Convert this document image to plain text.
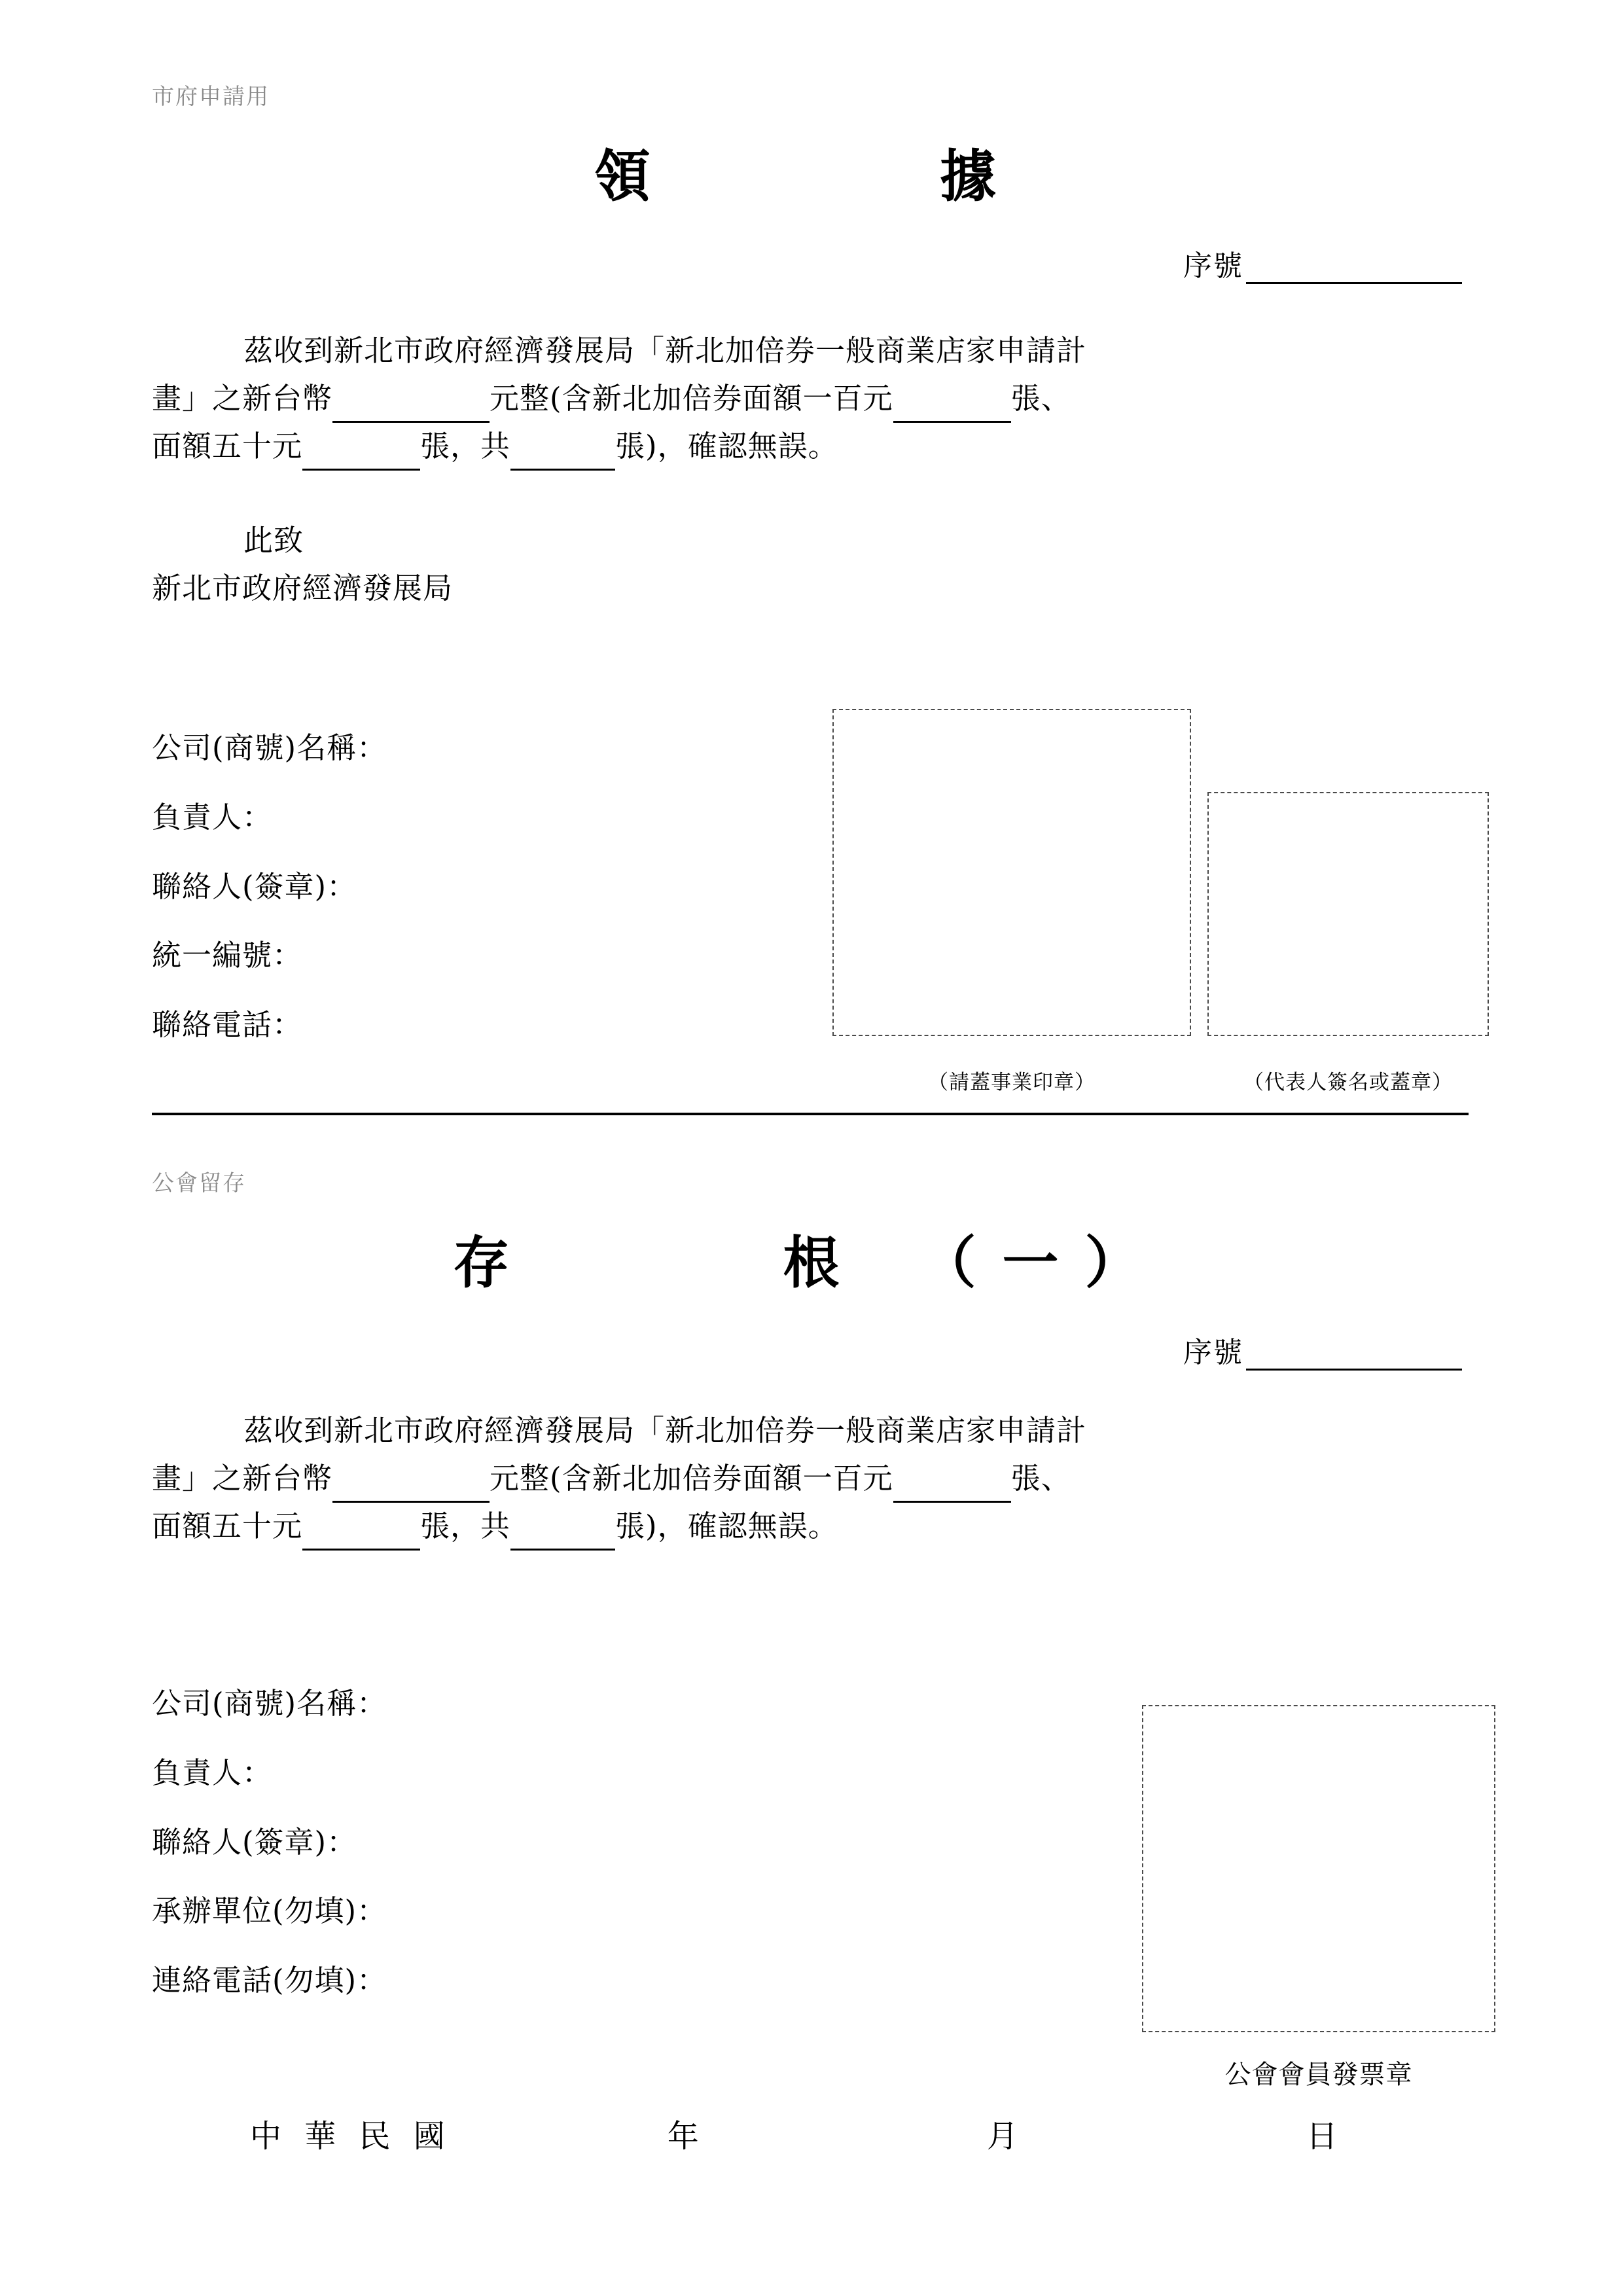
市府申請用
領　　　據
序號
茲收到新北市政府經濟發展局「新北加倍券一般商業店家申請計
畫」之新台幣	元整(含新北加倍券面額一百元	張、
面額五十元	張，共	張)，確認無誤。
此致
新北市政府經濟發展局
公司(商號)名稱：
負責人：
聯絡人(簽章)：
統一編號：
聯絡電話：
（請蓋事業印章）	（代表人簽名或蓋章）
公會留存
存　　　根　（一）
序號
茲收到新北市政府經濟發展局「新北加倍券一般商業店家申請計
畫」之新台幣	元整(含新北加倍券面額一百元	張、
面額五十元	張，共	張)，確認無誤。
公司(商號)名稱：
負責人：
聯絡人(簽章)：
承辦單位(勿填)：
連絡電話(勿填)：
公會會員發票章
中 華 民 國	年	月	日
